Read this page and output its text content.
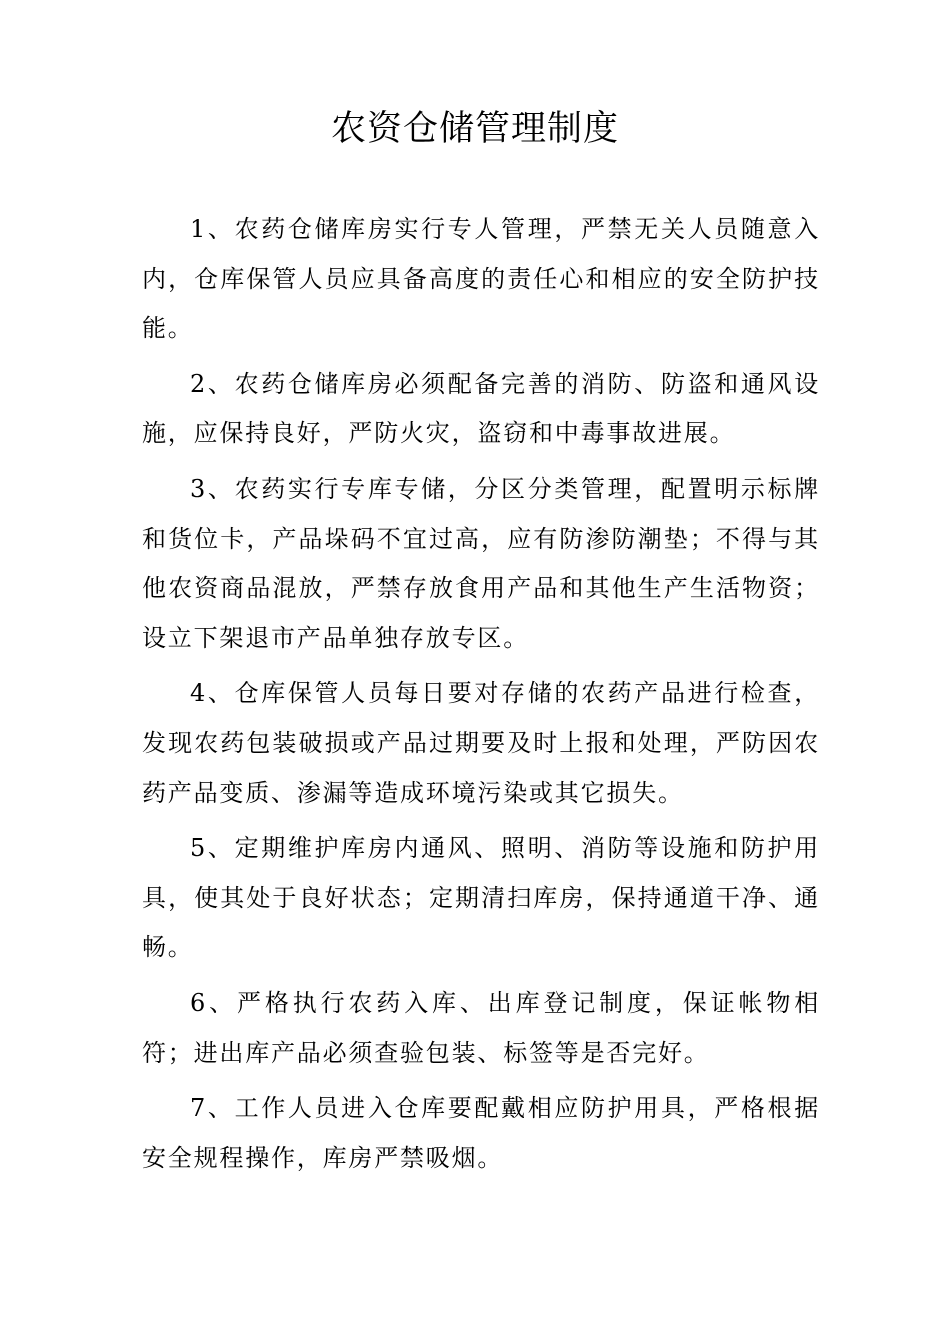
农资仓储管理制度

1、农药仓储库房实行专人管理，严禁无关人员随意入内，仓库保管人员应具备高度的责任心和相应的安全防护技能。

2、农药仓储库房必须配备完善的消防、防盗和通风设施，应保持良好，严防火灾，盗窃和中毒事故进展。

3、农药实行专库专储，分区分类管理，配置明示标牌和货位卡，产品垛码不宜过高，应有防渗防潮垫；不得与其他农资商品混放，严禁存放食用产品和其他生产生活物资；设立下架退市产品单独存放专区。

4、仓库保管人员每日要对存储的农药产品进行检查，发现农药包装破损或产品过期要及时上报和处理，严防因农药产品变质、渗漏等造成环境污染或其它损失。

5、定期维护库房内通风、照明、消防等设施和防护用具，使其处于良好状态；定期清扫库房，保持通道干净、通畅。

6、严格执行农药入库、出库登记制度，保证帐物相符；进出库产品必须查验包装、标签等是否完好。

7、工作人员进入仓库要配戴相应防护用具，严格根据安全规程操作，库房严禁吸烟。
